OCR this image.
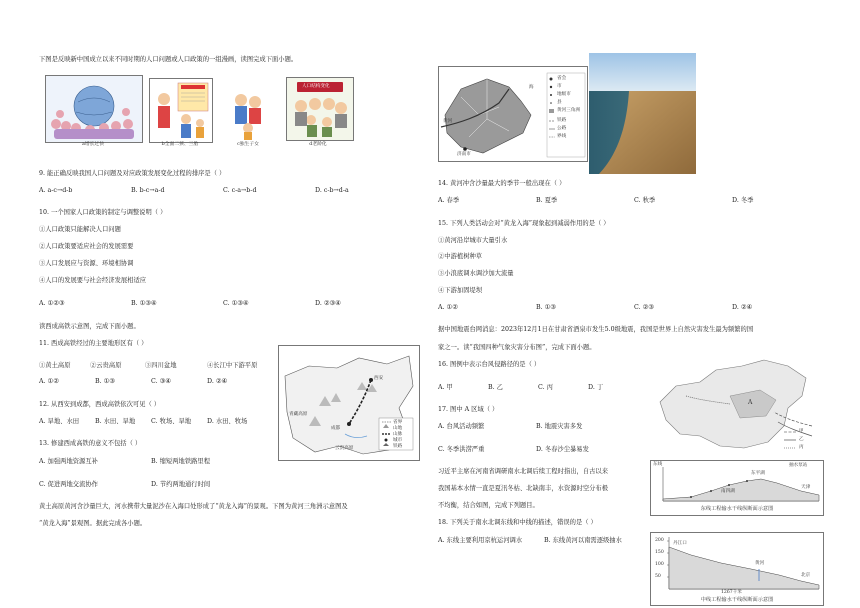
下图是反映新中国成立以来不同时期的人口问题或人口政策的一组漫画，读图完成下面小题。
a增长过快	b全面二孩、三胎	c独生子女
人口结构变化
d老龄化
9. 能正确反映我国人口问题及对应政策发展变化过程的排序是（ ）
A. a-c→d-b	B. b-c→a-d	C. c-a→b-d	D. c-b→d-a
10. 一个国家人口政策的制定与调整说明（ ）
①人口政策只能解决人口问题
②人口政策要适应社会的发展需要
③人口发展应与资源、环境相协调
④人口的发展要与社会经济发展相适应
A. ①②③	B. ①③④	C. ①③④	D. ②③④
读西成高铁示意图，完成下面小题。
11. 西成高铁经过的主要地形区有（ ）
①黄土高原	②云贵高原	③四川盆地	④长江中下游平原
A. ①②	B. ①③	C. ③④	D. ②④
12. 从西安到成都，西成高铁依次可见（ ）
A. 旱地、水田	B. 水田、旱地	C. 牧场、旱地	D. 水田、牧场
13. 修建西成高铁的意义不包括（ ）
A. 加强两地资源互补	B. 缩短两地铁路里程
C. 促进两地交流协作	D. 节约两地通行时间
黄土高原黄河含沙量巨大，河水携带大量泥沙在入海口处形成了“黄龙入海”的景观。下图为黄河三角洲示意图及
“黄龙入海”景观图。据此完成各小题。
西安
成都
青藏高原
云贵高原
省界
山地
山脉
城市
铁路
黄河
济南市
海
省会
市
地级市
县
黄河三角洲
铁路
公路
界线
14. 黄河冲含沙量最大的季节一般出现在（ ）
A. 春季	B. 夏季	C. 秋季	D. 冬季
15. 下列人类活动会对“黄龙入海”现象起到减弱作用的是（ ）
①黄河沿岸城市大量引水
②中游植树种草
③小浪底调水调沙加大流量
④下游加固堤坝
A. ①②	B. ①③	C. ②③	D. ②④
据中国地震台网消息：2023年12月1日在甘肃省酒泉市发生5.0级地震，我国是世界上自然灾害发生最为频繁的国
家之一。读“我国四种气象灾害分布图”，完成下面小题。
16. 图例中表示台风侵路径的是（ ）
A. 甲	B. 乙	C. 丙	D. 丁
17. 图中 A 区域（ ）
A. 台风活动频繁	B. 地震灾害多发
C. 冬季洪涝严重	D. 冬春沙尘暴易发
习近平主席在河南省调研南水北调后续工程时指出，自古以来
我国基本水情一直是夏汛冬枯、北缺南丰，水资源时空分布极
不均衡，结合如图，完成下列题目。
18. 下列关于南水北调东线和中线的描述，错误的是（ ）
A. 东线主要利用京杭运河调水	B. 东线黄河以南需逐级抽水
A
甲
乙
丙
东线
南四湖
东平湖
天津
抽水泵站
东线工程输水干线纵断面示意图
200
150
100
50
丹江口
北京
黄河
1267千米
中线工程输水干线纵断面示意图
